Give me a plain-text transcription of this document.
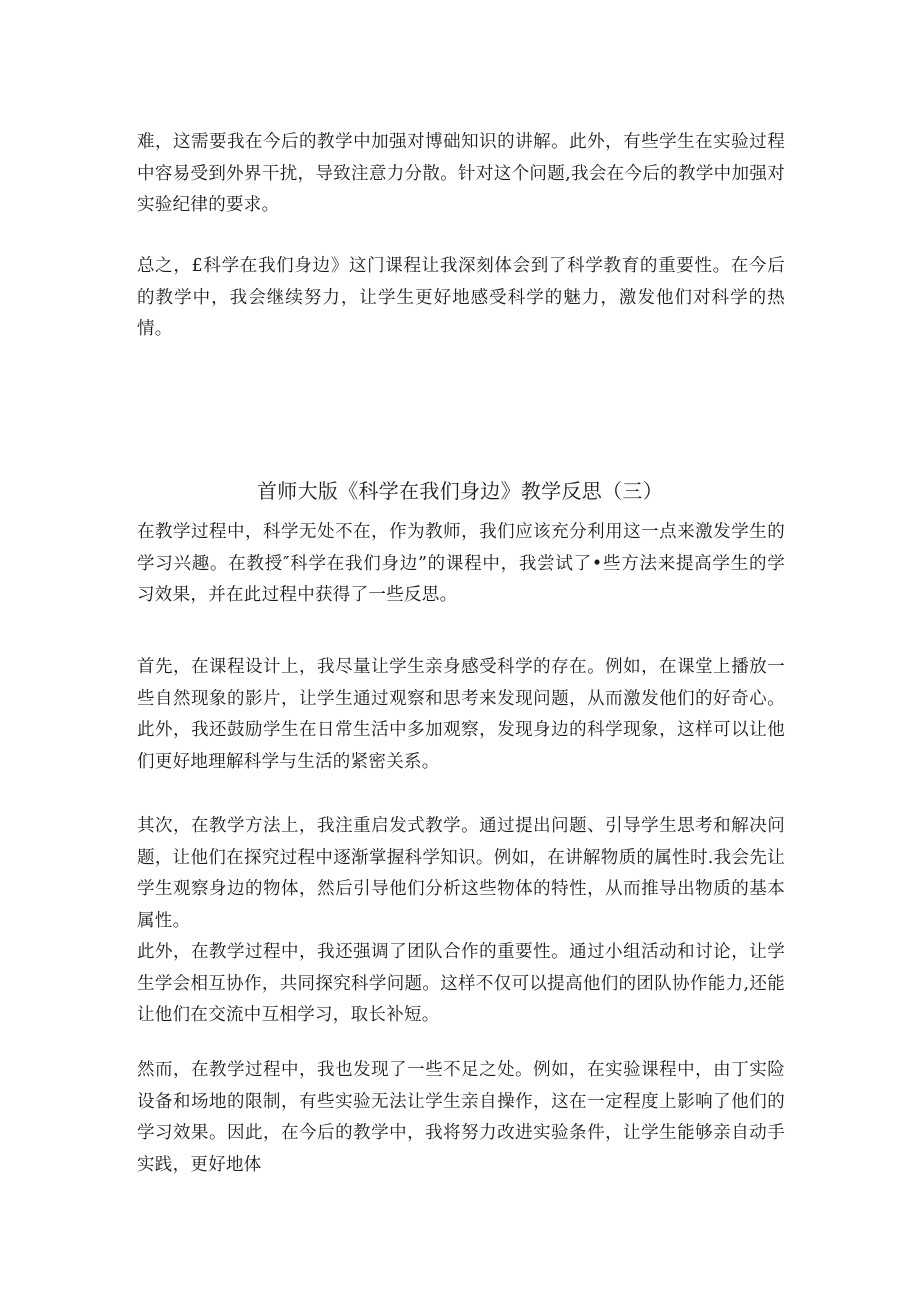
难，这需要我在今后的教学中加强对博础知识的讲解。此外，有些学生在实验过程中容易受到外界干扰，导致注意力分散。针对这个问题,我会在今后的教学中加强对实验纪律的要求。

总之，£科学在我们身边》这门课程让我深刻体会到了科学教育的重要性。在今后的教学中，我会继续努力，让学生更好地感受科学的魅力，激发他们对科学的热情。

首师大版《科学在我们身边》教学反思（三）

在教学过程中，科学无处不在，作为教师，我们应该充分利用这一点来激发学生的学习兴趣。在教授″科学在我们身边”的课程中，我尝试了•些方法来提高学生的学习效果，并在此过程中获得了一些反思。

首先，在课程设计上，我尽量让学生亲身感受科学的存在。例如，在课堂上播放一些自然现象的影片，让学生通过观察和思考来发现问题，从而激发他们的好奇心。此外，我还鼓励学生在日常生活中多加观察，发现身边的科学现象，这样可以让他们更好地理解科学与生活的紧密关系。

其次，在教学方法上，我注重启发式教学。通过提出问题、引导学生思考和解决问题，让他们在探究过程中逐渐掌握科学知识。例如，在讲解物质的属性时.我会先让学生观察身边的物体，然后引导他们分析这些物体的特性，从而推导出物质的基本属性。

此外，在教学过程中，我还强调了团队合作的重要性。通过小组活动和讨论，让学生学会相互协作，共同探究科学问题。这样不仅可以提高他们的团队协作能力,还能让他们在交流中互相学习，取长补短。

然而，在教学过程中，我也发现了一些不足之处。例如，在实验课程中，由丁实险设备和场地的限制，有些实验无法让学生亲自操作，这在一定程度上影响了他们的学习效果。因此，在今后的教学中，我将努力改进实验条件，让学生能够亲自动手实践，更好地体
